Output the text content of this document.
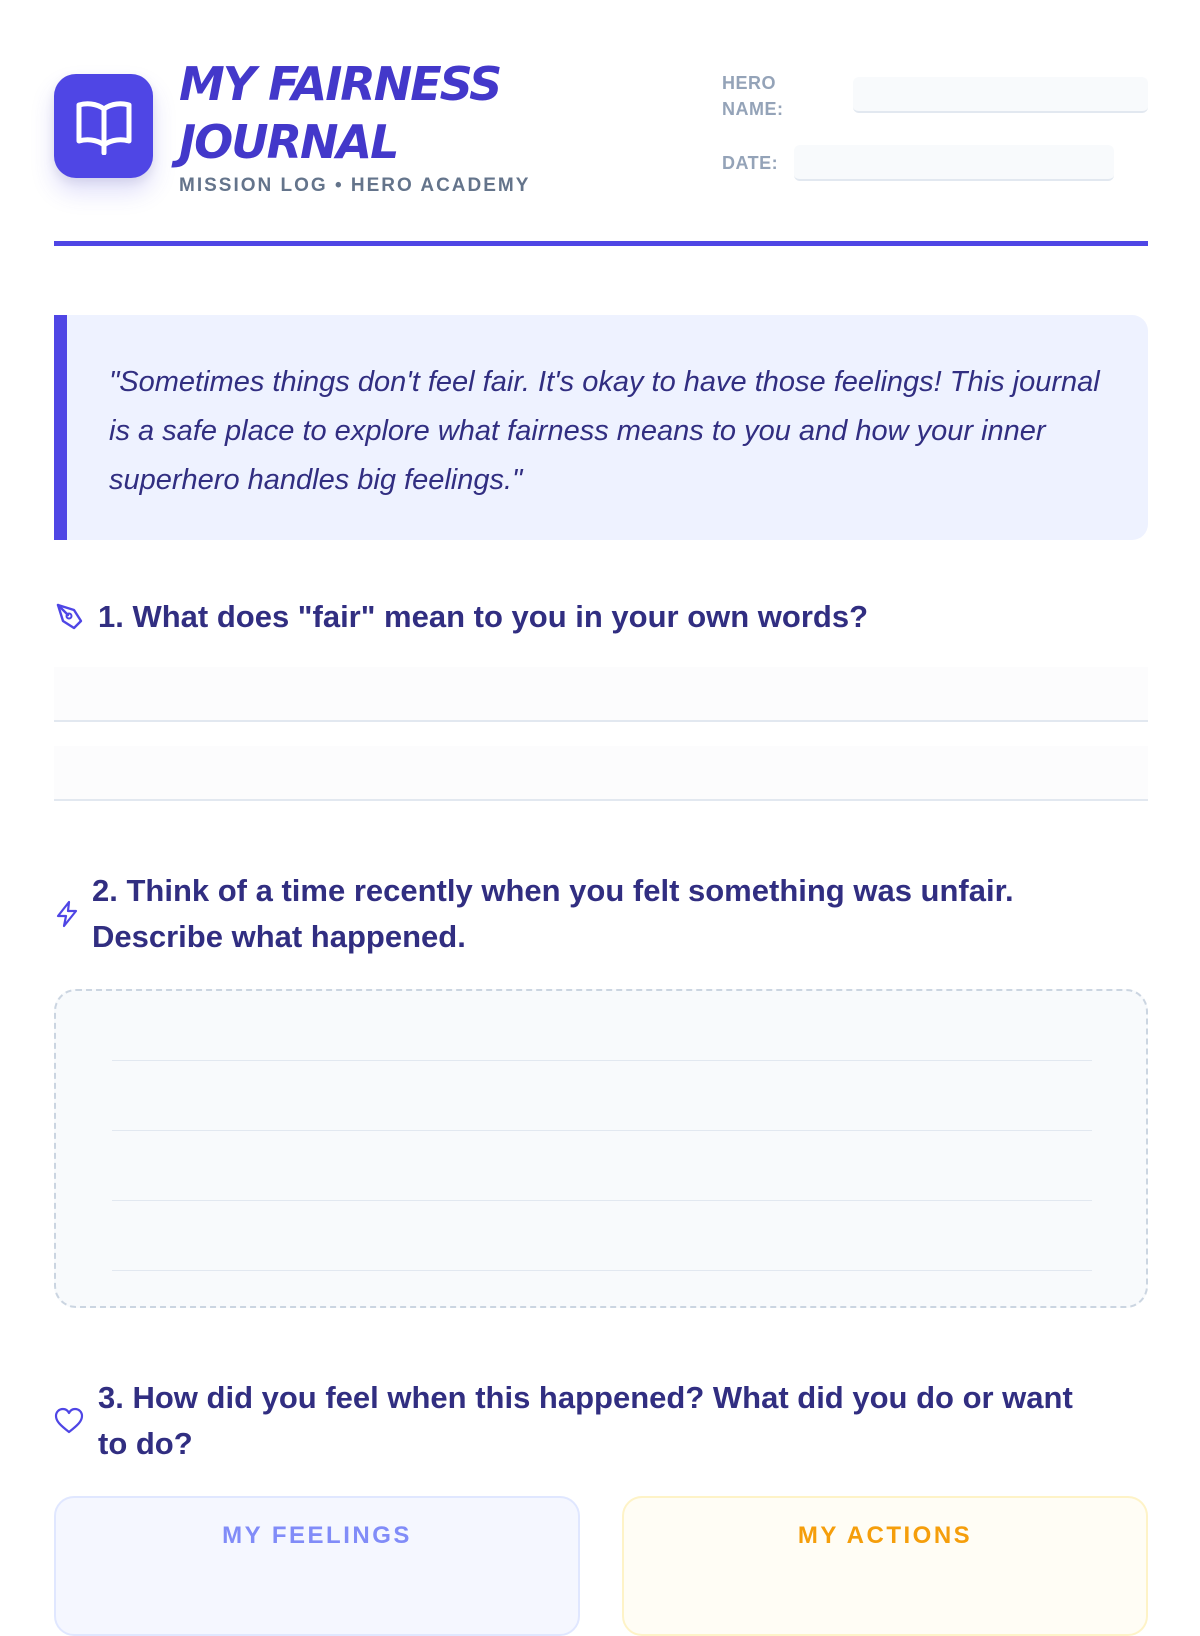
MY FAIRNESS
JOURNAL
MISSION LOG • HERO ACADEMY
HERO
NAME:
DATE:
"Sometimes things don't feel fair. It's okay to have those feelings! This journal is a safe place to explore what fairness means to you and how your inner superhero handles big feelings."
1. What does "fair" mean to you in your own words?
2. Think of a time recently when you felt something was unfair. Describe what happened.
3. How did you feel when this happened? What did you do or want to do?
MY FEELINGS	MY ACTIONS
